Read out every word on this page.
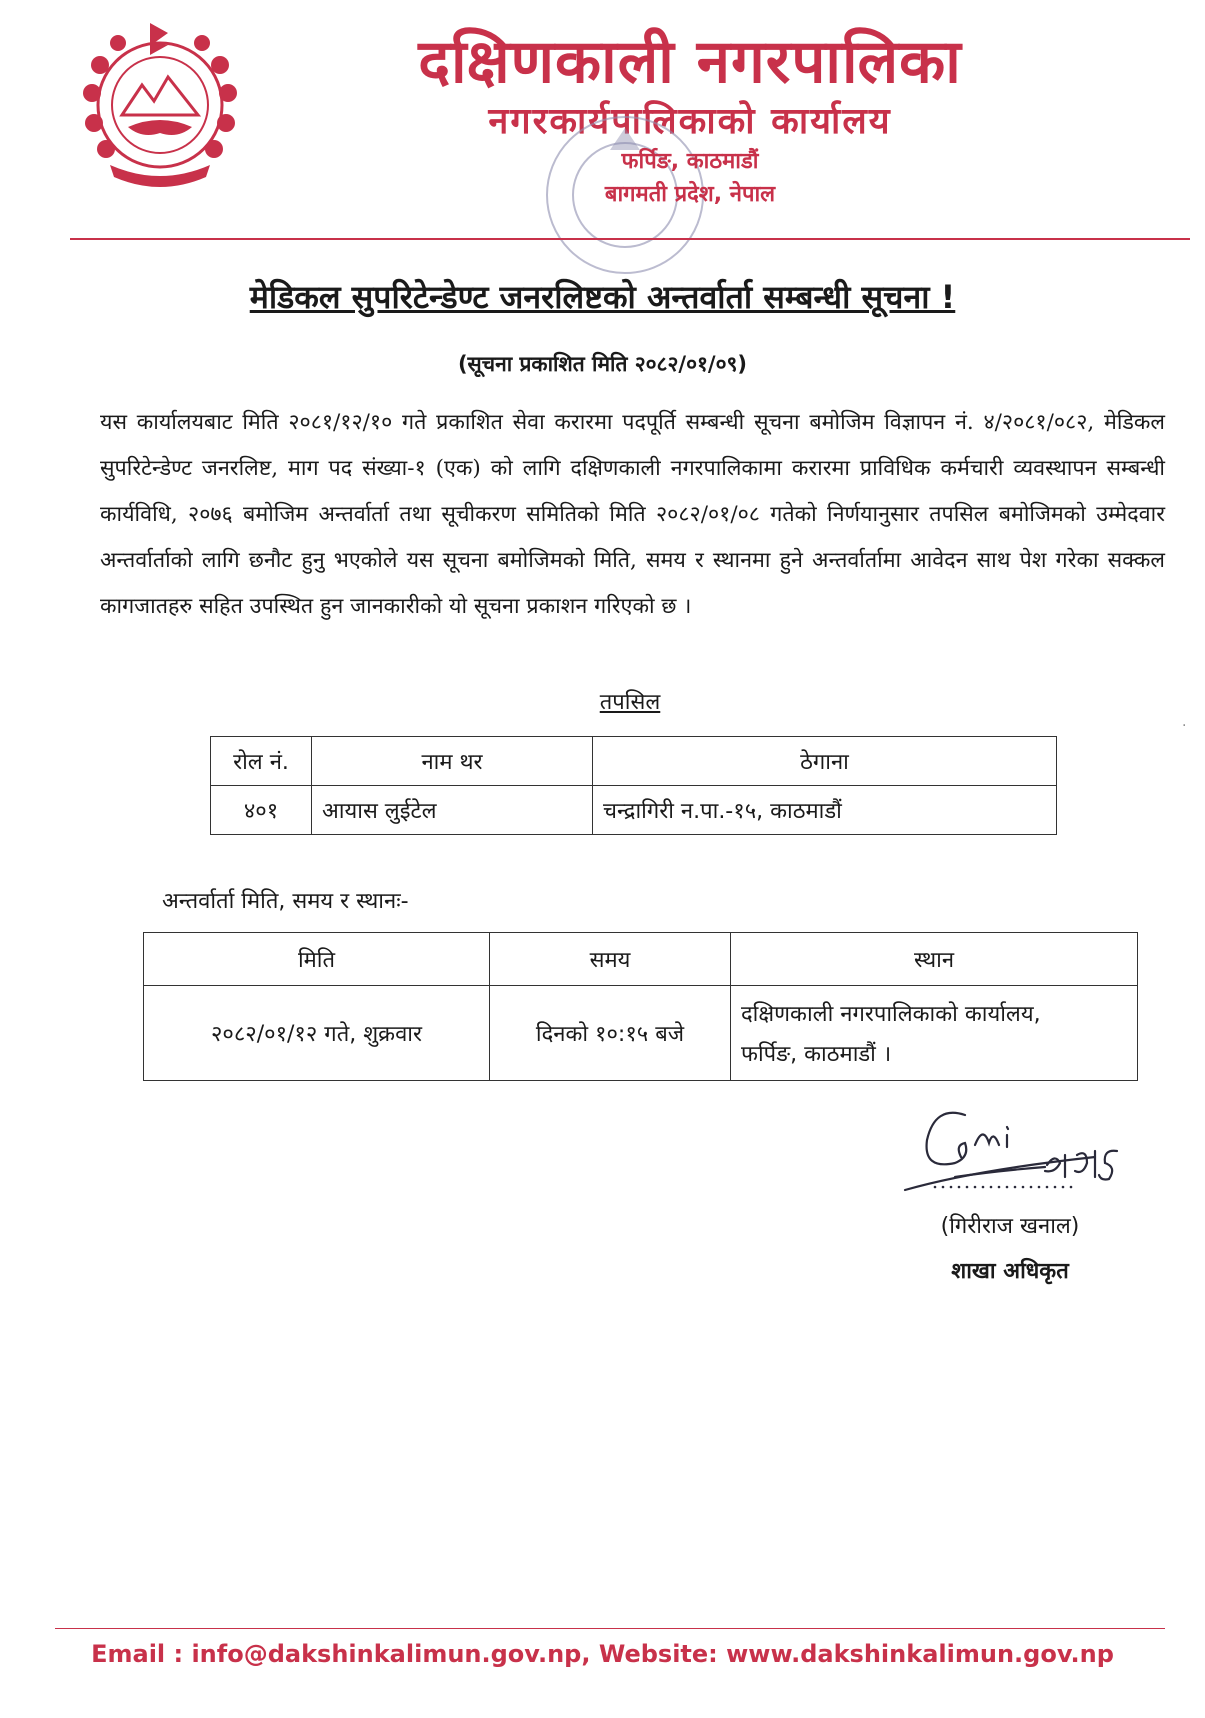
दक्षिणकाली नगरपालिका
नगरकार्यपालिकाको कार्यालय
फर्पिङ, काठमाडौं
बागमती प्रदेश, नेपाल
मेडिकल सुपरिटेन्डेण्ट जनरलिष्टको अन्तर्वार्ता सम्बन्धी सूचना !
(सूचना प्रकाशित मिति २०८२/०१/०९)
यस कार्यालयबाट मिति २०८१/१२/१० गते प्रकाशित सेवा करारमा पदपूर्ति सम्बन्धी सूचना बमोजिम विज्ञापन नं. ४/२०८१/०८२, मेडिकल सुपरिटेन्डेण्ट जनरलिष्ट, माग पद संख्या-१ (एक) को लागि दक्षिणकाली नगरपालिकामा करारमा प्राविधिक कर्मचारी व्यवस्थापन सम्बन्धी कार्यविधि, २०७६ बमोजिम अन्तर्वार्ता तथा सूचीकरण समितिको मिति २०८२/०१/०८ गतेको निर्णयानुसार तपसिल बमोजिमको उम्मेदवार अन्तर्वार्ताको लागि छनौट हुनु भएकोले यस सूचना बमोजिमको मिति, समय र स्थानमा हुने अन्तर्वार्तामा आवेदन साथ पेश गरेका सक्कल कागजातहरु सहित उपस्थित हुन जानकारीको यो सूचना प्रकाशन गरिएको छ ।
तपसिल
रोल नं.	नाम थर	ठेगाना
४०१	आयास लुईटेल	चन्द्रागिरी न.पा.-१५, काठमाडौं
अन्तर्वार्ता मिति, समय र स्थानः-
मिति	समय	स्थान
२०८२/०१/१२ गते, शुक्रवार	दिनको १०:१५ बजे	दक्षिणकाली नगरपालिकाको कार्यालय,
फर्पिङ, काठमाडौं ।
(गिरीराज खनाल)
शाखा अधिकृत
·
Email : info@dakshinkalimun.gov.np, Website: www.dakshinkalimun.gov.np
